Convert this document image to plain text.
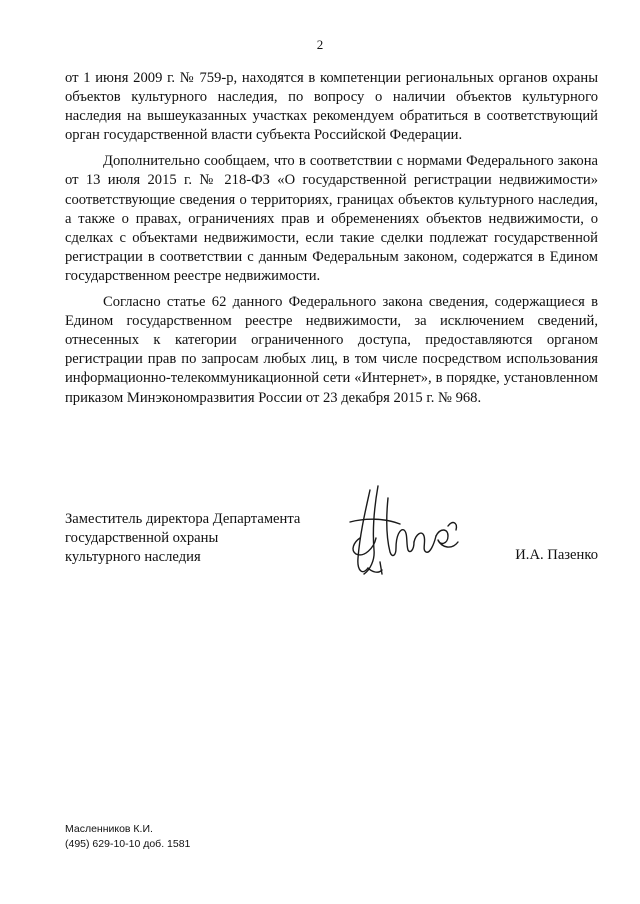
2

от 1 июня 2009 г. № 759-р, находятся в компетенции региональных органов охраны объектов культурного наследия, по вопросу о наличии объектов культурного наследия на вышеуказанных участках рекомендуем обратиться в соответствующий орган государственной власти субъекта Российской Федерации.

Дополнительно сообщаем, что в соответствии с нормами Федерального закона от 13 июля 2015 г. № 218-ФЗ «О государственной регистрации недвижимости» соответствующие сведения о территориях, границах объектов культурного наследия, а также о правах, ограничениях прав и обременениях объектов недвижимости, о сделках с объектами недвижимости, если такие сделки подлежат государственной регистрации в соответствии с данным Федеральным законом, содержатся в Едином государственном реестре недвижимости.

Согласно статье 62 данного Федерального закона сведения, содержащиеся в Едином государственном реестре недвижимости, за исключением сведений, отнесенных к категории ограниченного доступа, предоставляются органом регистрации прав по запросам любых лиц, в том числе посредством использования информационно-телекоммуникационной сети «Интернет», в порядке, установленном приказом Минэкономразвития России от 23 декабря 2015 г. № 968.

Заместитель директора Департамента
государственной охраны
культурного наследия	И.А. Пазенко
Масленников К.И.
(495) 629-10-10 доб. 1581
